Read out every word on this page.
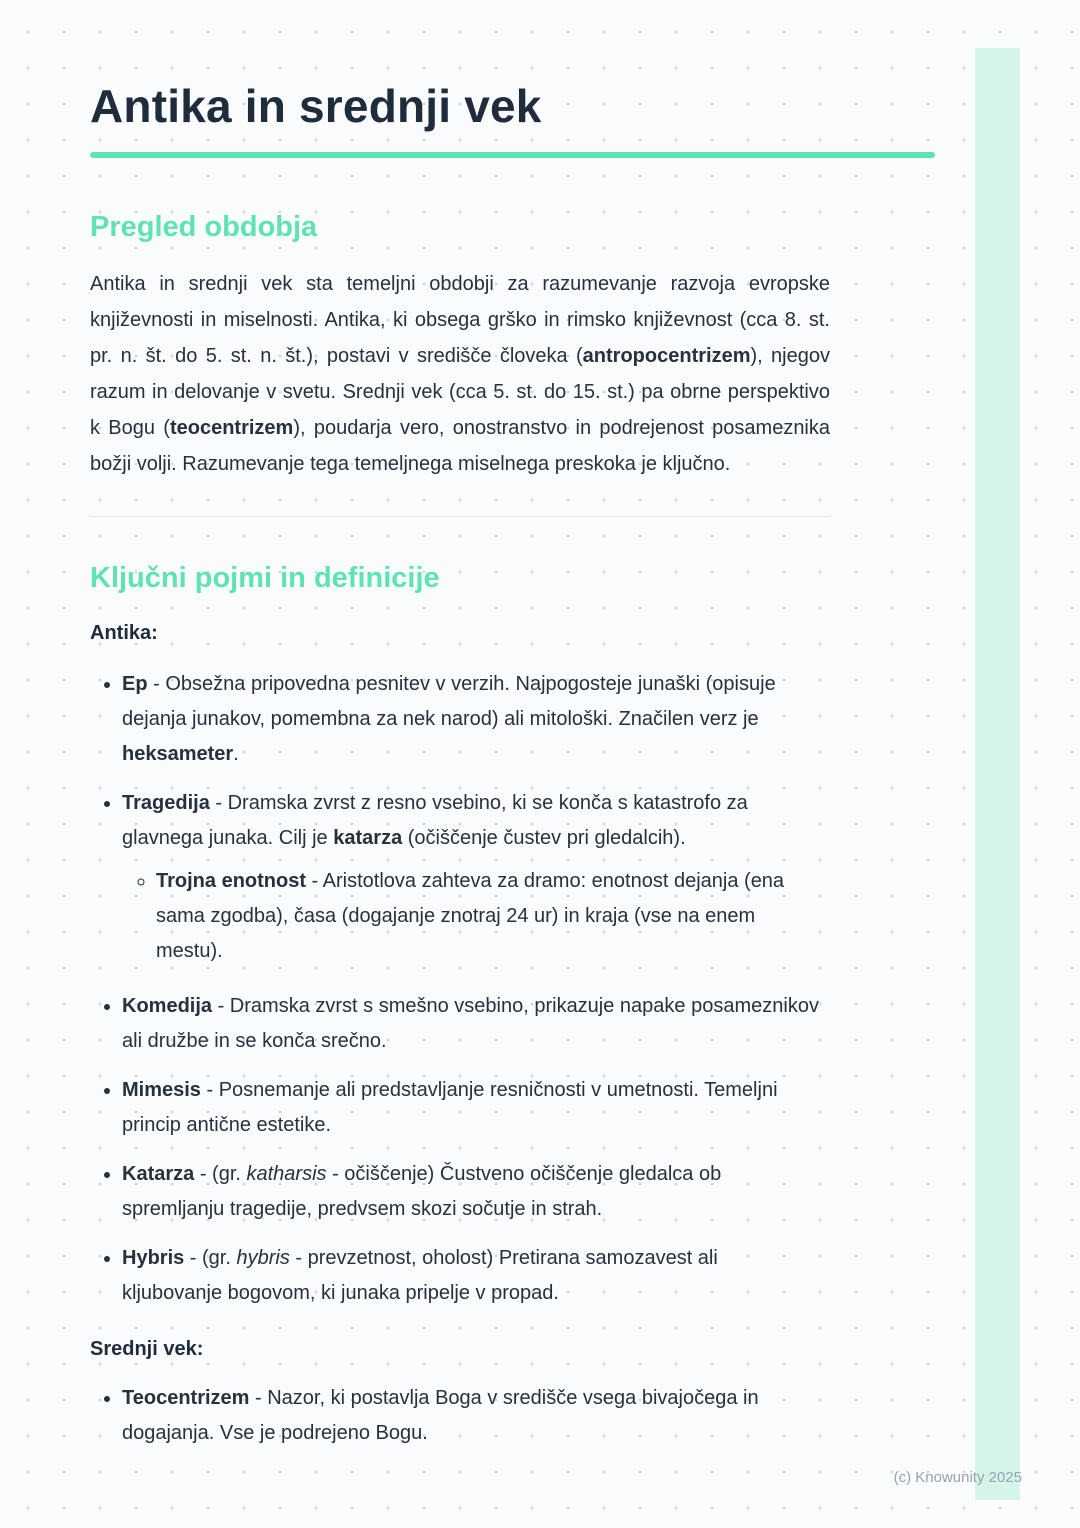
Antika in srednji vek
Pregled obdobja

Antika in srednji vek sta temeljni obdobji za razumevanje razvoja evropske književnosti in miselnosti. Antika, ki obsega grško in rimsko književnost (cca 8. st. pr. n. št. do 5. st. n. št.), postavi v središče človeka (antropocentrizem), njegov razum in delovanje v svetu. Srednji vek (cca 5. st. do 15. st.) pa obrne perspektivo k Bogu (teocentrizem), poudarja vero, onostranstvo in podrejenost posameznika božji volji. Razumevanje tega temeljnega miselnega preskoka je ključno.

Ključni pojmi in definicije

Antika:

• Ep - Obsežna pripovedna pesnitev v verzih. Najpogosteje junaški (opisuje dejanja junakov, pomembna za nek narod) ali mitološki. Značilen verz je heksameter.
• Tragedija - Dramska zvrst z resno vsebino, ki se konča s katastrofo za glavnega junaka. Cilj je katarza (očiščenje čustev pri gledalcih).
◦ Trojna enotnost - Aristotlova zahteva za dramo: enotnost dejanja (ena sama zgodba), časa (dogajanje znotraj 24 ur) in kraja (vse na enem mestu).
• Komedija - Dramska zvrst s smešno vsebino, prikazuje napake posameznikov ali družbe in se konča srečno.
• Mimesis - Posnemanje ali predstavljanje resničnosti v umetnosti. Temeljni princip antične estetike.
• Katarza - (gr. katharsis - očiščenje) Čustveno očiščenje gledalca ob spremljanju tragedije, predvsem skozi sočutje in strah.
• Hybris - (gr. hybris - prevzetnost, oholost) Pretirana samozavest ali kljubovanje bogovom, ki junaka pripelje v propad.

Srednji vek:

• Teocentrizem - Nazor, ki postavlja Boga v središče vsega bivajočega in dogajanja. Vse je podrejeno Bogu.
(c) Knowunity 2025
